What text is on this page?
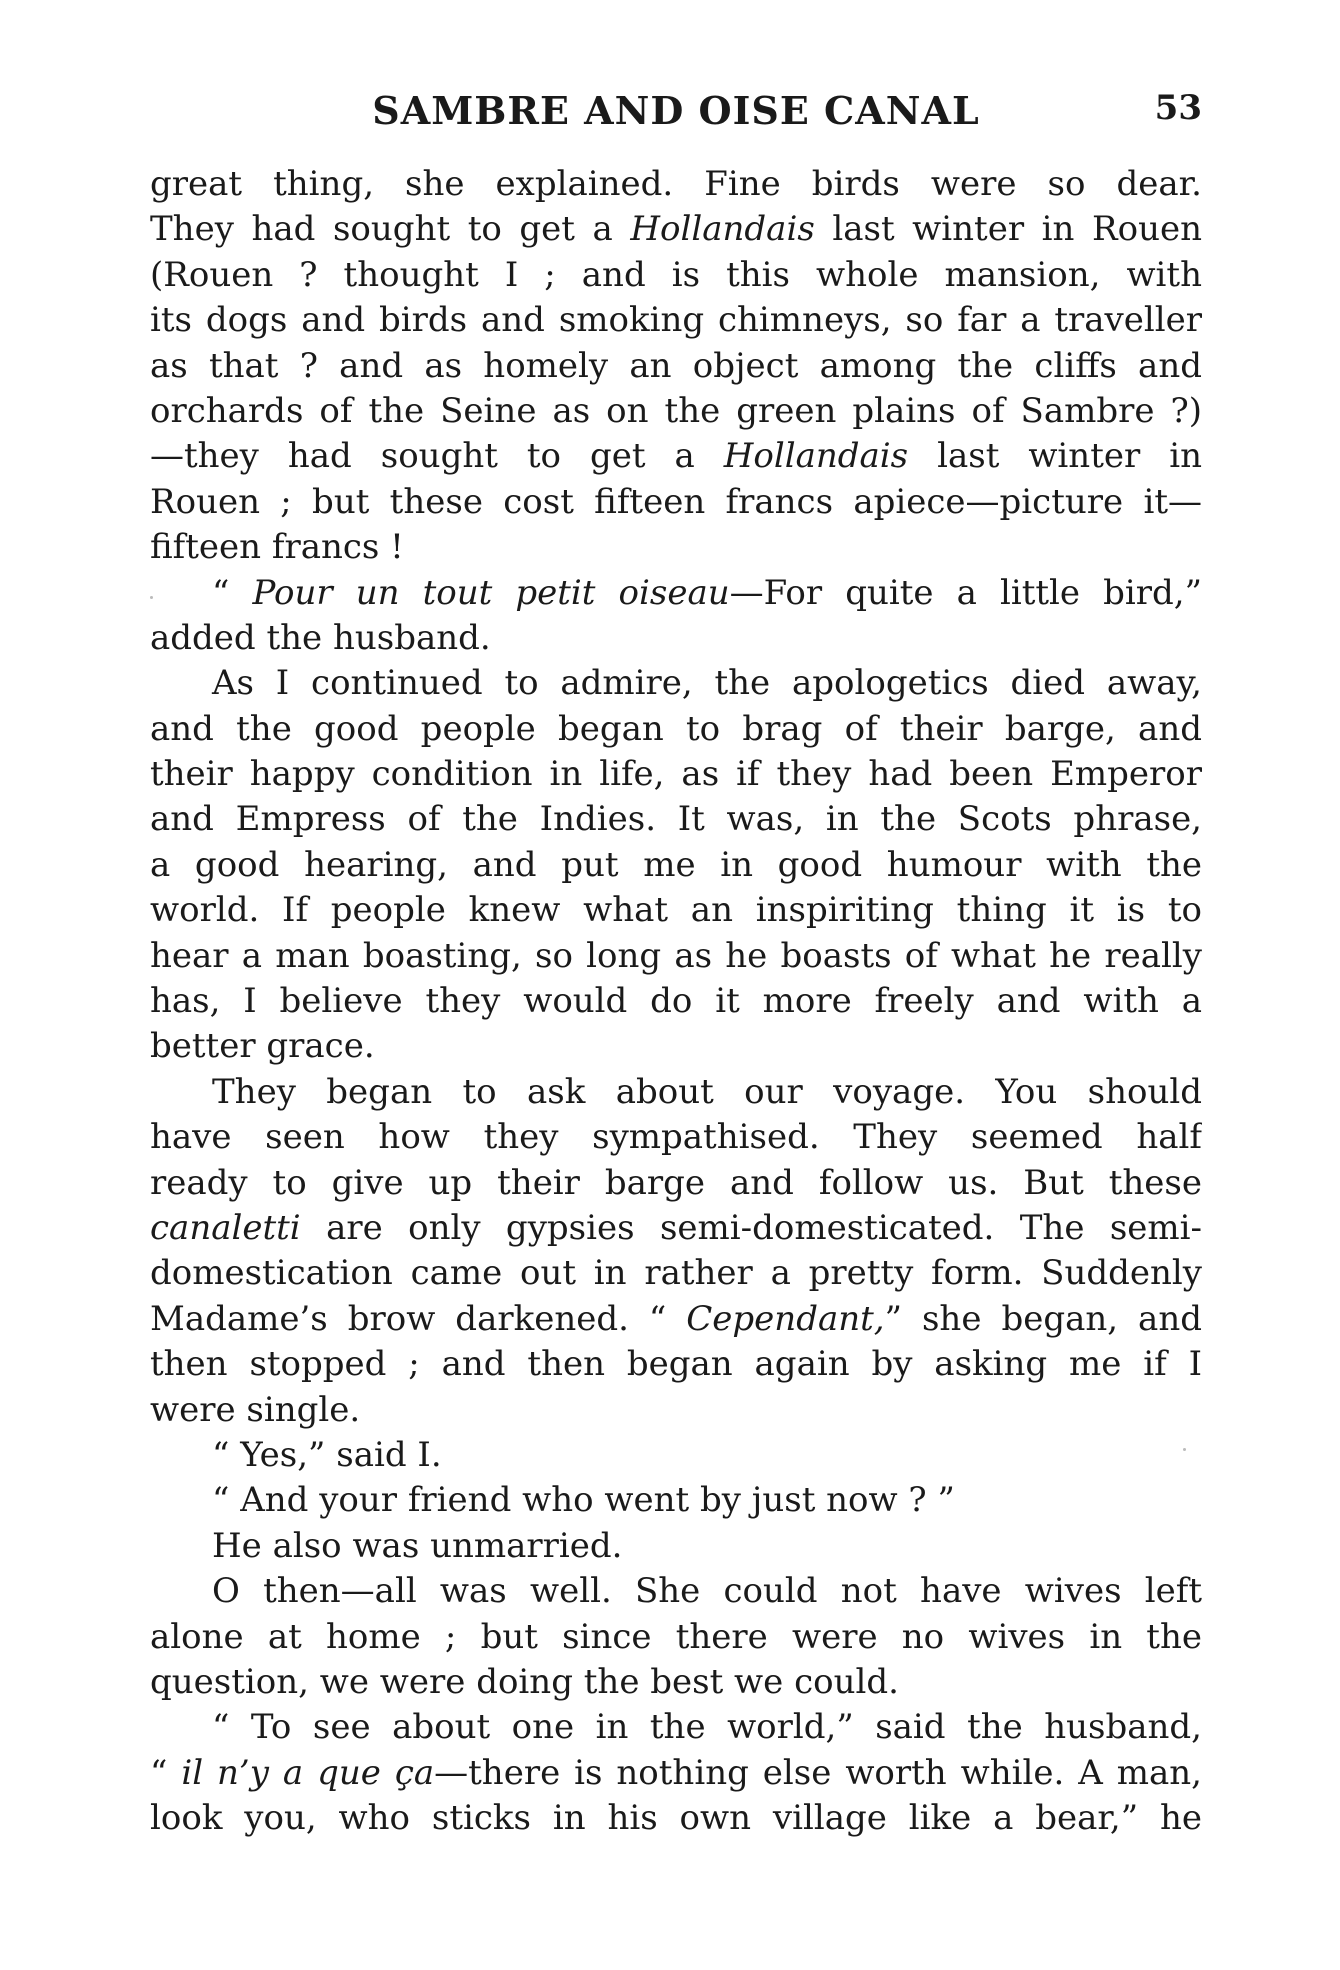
SAMBRE AND OISE CANAL	53
great thing, she explained. Fine birds were so dear.
They had sought to get a Hollandais last winter in Rouen
(Rouen ? thought I ; and is this whole mansion, with
its dogs and birds and smoking chimneys, so far a traveller
as that ? and as homely an object among the cliffs and
orchards of the Seine as on the green plains of Sambre ?)
—they had sought to get a Hollandais last winter in
Rouen ; but these cost fifteen francs apiece—picture it—
fifteen francs !
“ Pour un tout petit oiseau—For quite a little bird,”
added the husband.
As I continued to admire, the apologetics died away,
and the good people began to brag of their barge, and
their happy condition in life, as if they had been Emperor
and Empress of the Indies. It was, in the Scots phrase,
a good hearing, and put me in good humour with the
world. If people knew what an inspiriting thing it is to
hear a man boasting, so long as he boasts of what he really
has, I believe they would do it more freely and with a
better grace.
They began to ask about our voyage. You should
have seen how they sympathised. They seemed half
ready to give up their barge and follow us. But these
canaletti are only gypsies semi-domesticated. The semi-
domestication came out in rather a pretty form. Suddenly
Madame’s brow darkened. “ Cependant,” she began, and
then stopped ; and then began again by asking me if I
were single.
“ Yes,” said I.
“ And your friend who went by just now ? ”
He also was unmarried.
O then—all was well. She could not have wives left
alone at home ; but since there were no wives in the
question, we were doing the best we could.
“ To see about one in the world,” said the husband,
“ il n’y a que ça—there is nothing else worth while. A man,
look you, who sticks in his own village like a bear,” he
